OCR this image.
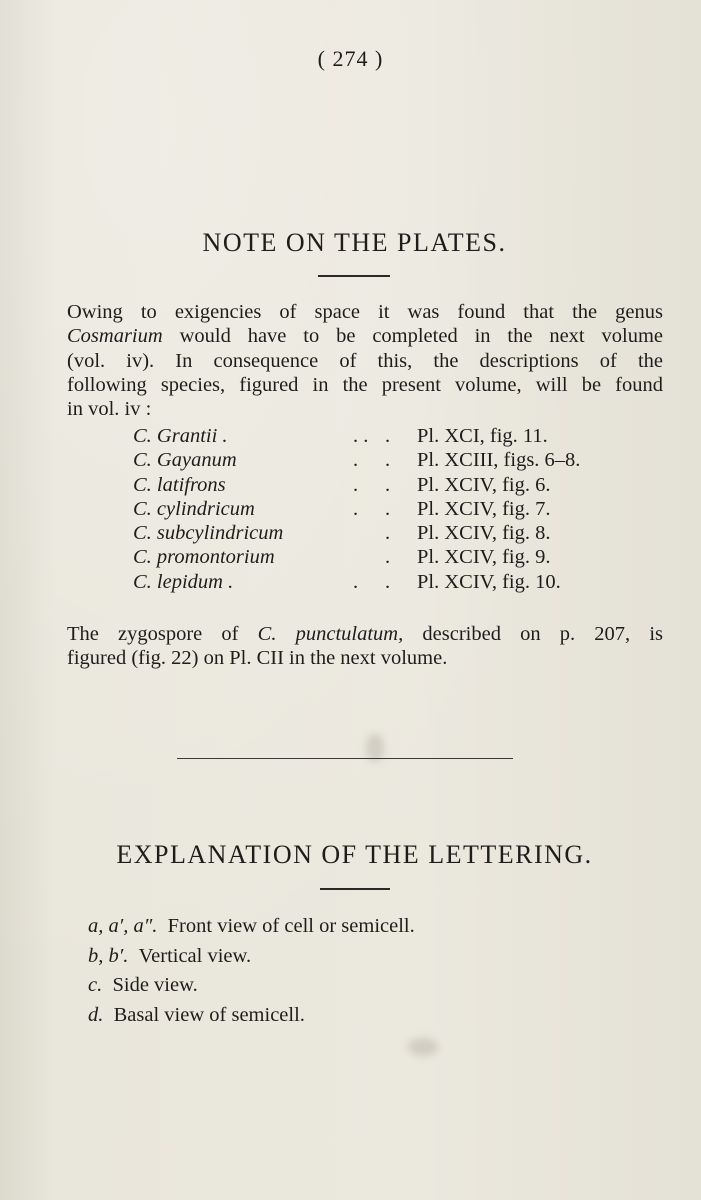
( 274 )
NOTE ON THE PLATES.

Owing to exigencies of space it was found that the genus
Cosmarium would have to be completed in the next volume
(vol. iv). In consequence of this, the descriptions of the
following species, figured in the present volume, will be found
in vol. iv :

C. Grantii .	. .	.	Pl. XCI, fig. 11.
C. Gayanum	.	.	Pl. XCIII, figs. 6–8.
C. latifrons	.	.	Pl. XCIV, fig. 6.
C. cylindricum	.	.	Pl. XCIV, fig. 7.
C. subcylindricum		.	Pl. XCIV, fig. 8.
C. promontorium		.	Pl. XCIV, fig. 9.
C. lepidum .	.	.	Pl. XCIV, fig. 10.

The zygospore of C. punctulatum, described on p. 207, is
figured (fig. 22) on Pl. CII in the next volume.

EXPLANATION OF THE LETTERING.
a, a′, a″. Front view of cell or semicell.
b, b′. Vertical view.
c. Side view.
d. Basal view of semicell.
